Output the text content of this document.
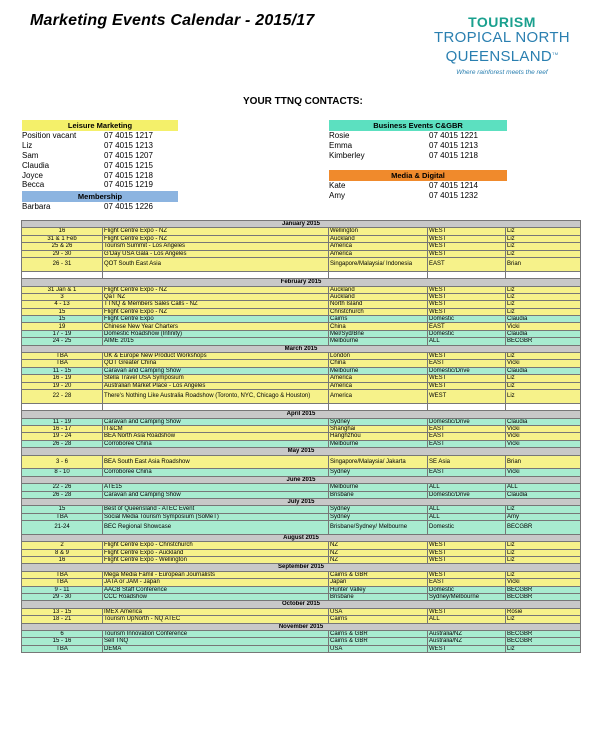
Marketing Events Calendar - 2015/17	TOURISM
TROPICAL NORTH
QUEENSLAND™
Where rainforest meets the reef
YOUR TTNQ CONTACTS:
Leisure Marketing
Position vacant	07 4015 1217
Liz	07 4015 1213
Sam	07 4015 1207
Claudia	07 4015 1215
Joyce	07 4015 1218
Becca	07 4015 1219
Membership
Barbara	07 4015 1226
Business Events C&GBR
Rosie	07 4015 1221
Emma	07 4015 1213
Kimberley	07 4015 1218
Media & Digital
Kate	07 4015 1214
Amy	07 4015 1232
January 2015				
16	Flight Centre Expo - NZ	Wellington	WEST	Liz
31 & 1 Feb	Flight Centre Expo - NZ	Auckland	WEST	Liz
25 & 26	Tourism Summit - Los Angeles	America	WEST	Liz
29 - 30	G'Day USA Gala - Los Angeles	America	WEST	Liz
26 - 31	QOT South East Asia	Singapore/Malaysia/ Indonesia	EAST	Brian

February 2015				
31 Jan & 1	Flight Centre Expo - NZ	Auckland	WEST	Liz
3	QaT NZ	Auckland	WEST	Liz
4 - 13	TTNQ & Members Sales Calls - NZ	North Island	WEST	Liz
15	Flight Centre Expo - NZ	Christchurch	WEST	Liz
15	Flight Centre Expo	Cairns	Domestic	Claudia
19	Chinese New Year Charters	China	EAST	Vicki
17 - 19	Domestic Roadshow (Infinity)	Mel/Syd/Bne	Domestic	Claudia
24 - 25	AIME 2015	Melbourne	ALL	BECGBR
March 2015				
TBA	UK & Europe New Product Workshops	London	WEST	Liz
TBA	QOT Greater China	China	EAST	Vicki
11 - 15	Caravan and Camping Show	Melbourne	Domestic/Drive	Claudia
16 - 19	Stella Travel USA Symposium	America	WEST	Liz
19 - 20	Australian Market Place - Los Angeles	America	WEST	Liz
22 - 28	There's Nothing Like Australia Roadshow (Toronto, NYC, Chicago & Houston)	America	WEST	Liz

April 2015				
11 - 19	Caravan and Camping Show	Sydney	Domestic/Drive	Claudia
16 - 17	IT&CM	Shanghai	EAST	Vicki
19 - 24	BEA North Asia Roadshow	Hanghzhou	EAST	Vicki
26 - 28	Corroboree China	Melbourne	EAST	Vicki
May 2015				
3 - 6	BEA South East Asia Roadshow	Singapore/Malaysia/ Jakarta	SE Asia	Brian
8 - 10	Corroboree China	Sydney	EAST	Vicki
June 2015				
22 - 26	ATE15	Melbourne	ALL	ALL
26 - 28	Caravan and Camping Show	Brisbane	Domestic/Drive	Claudia
July 2015				
15	Best of Queensland - ATEC Event	Sydney	ALL	Liz
TBA	Social Media Tourism Symposium (SoMeT)	Sydney	ALL	Amy
21-24	BEC Regional Showcase	Brisbane/Sydney/ Melbourne	Domestic	BECGBR
August 2015				
2	Flight Centre Expo - Christchurch	NZ	WEST	Liz
8 & 9	Flight Centre Expo - Auckland	NZ	WEST	Liz
16	Flight Centre Expo - Wellington	NZ	WEST	Liz
September 2015				
TBA	Mega Media Famil - European Journalists	Cairns & GBR	WEST	Liz
TBA	JATA or JAM - Japan	Japan	EAST	Vicki
9 - 11	AACB Staff Conference	Hunter Valley	Domestic	BECGBR
29 - 30	CCC Roadshow	Brisbane	Sydney/Melbourne	BECGBR
October 2015				
13 - 15	IMEX America	USA	WEST	Rosie
18 - 21	Tourism UpNorth - NQ ATEC	Cairns	ALL	Liz
November 2015				
6	Tourism Innovation Conference	Cairns & GBR	Australia/NZ	BECGBR
15 - 16	Sell TNQ	Cairns & GBR	Australia/NZ	BECGBR
TBA	DEMA	USA	WEST	Liz
